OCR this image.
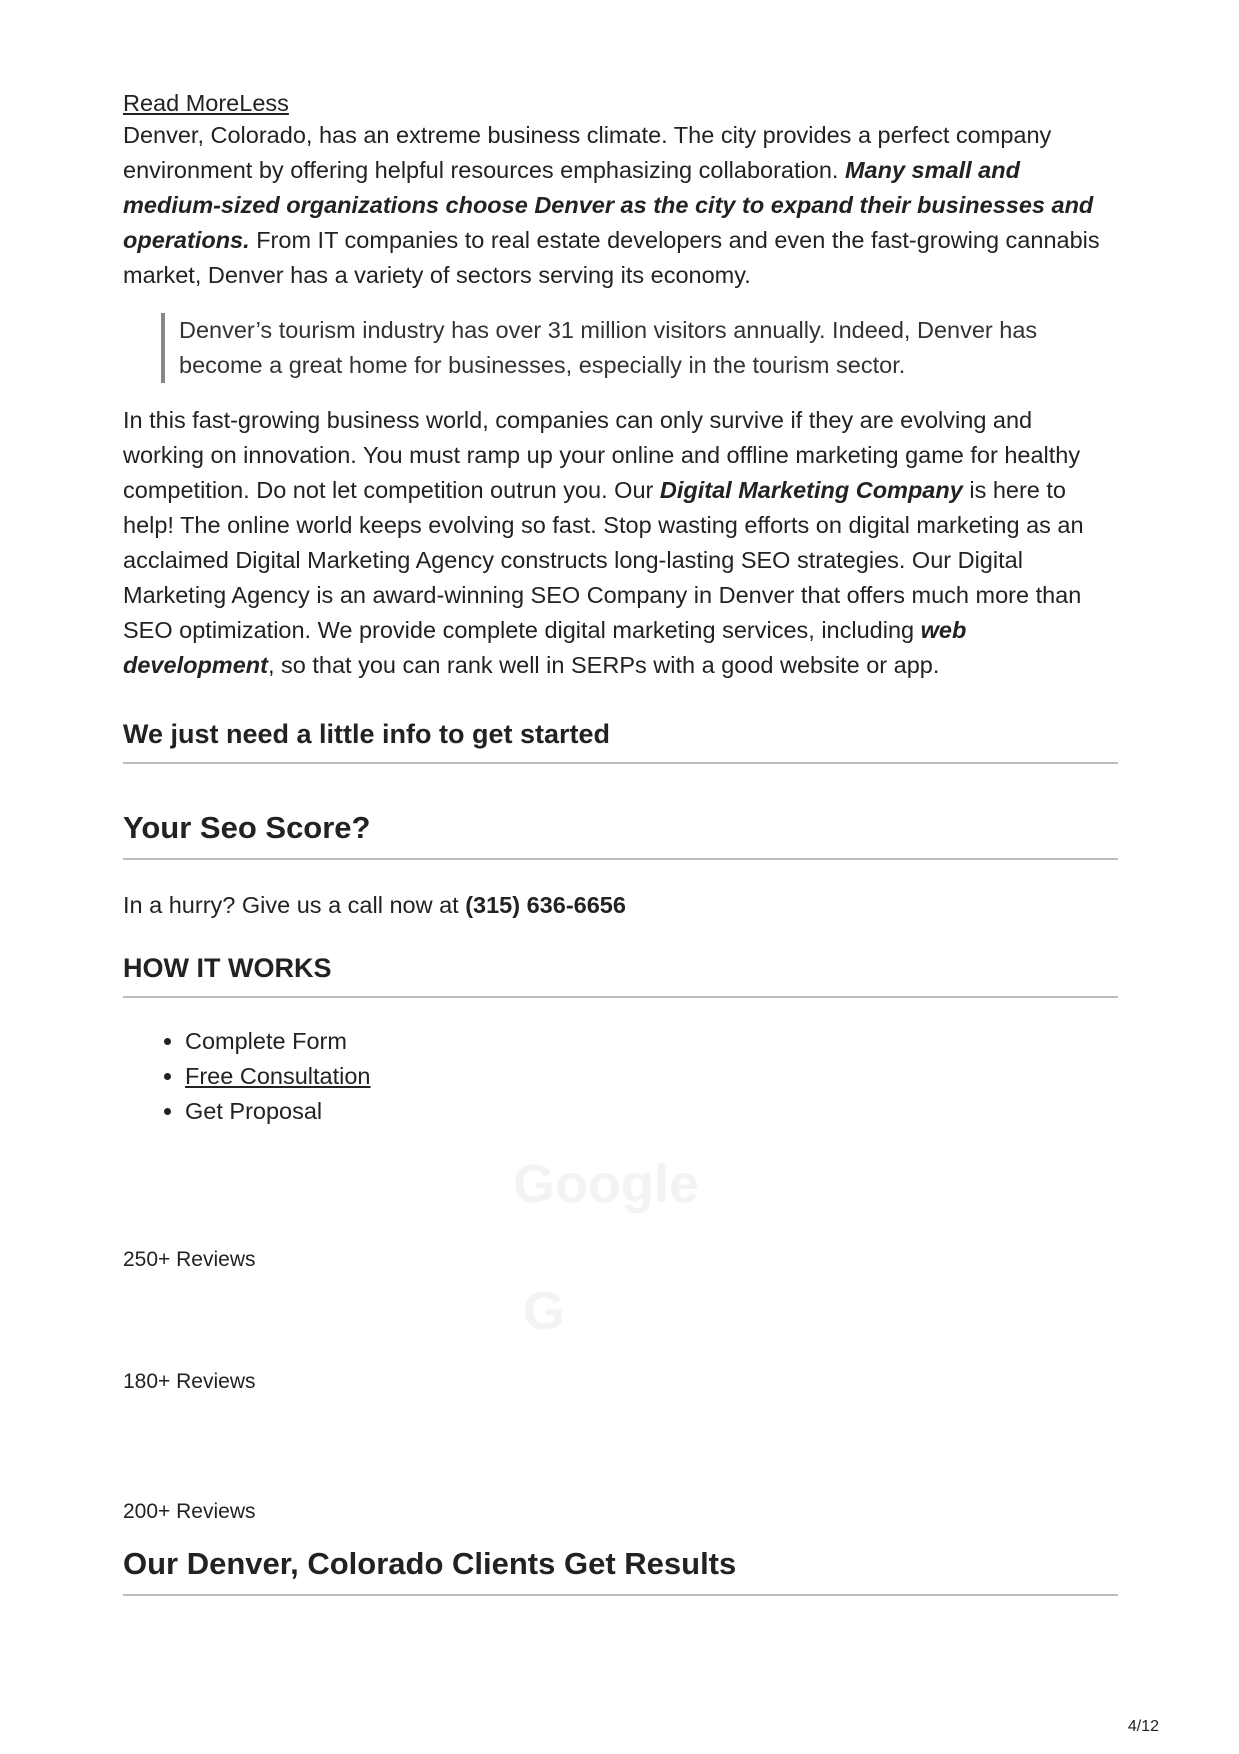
Read MoreLess

Denver, Colorado, has an extreme business climate. The city provides a perfect company environment by offering helpful resources emphasizing collaboration. Many small and medium-sized organizations choose Denver as the city to expand their businesses and operations. From IT companies to real estate developers and even the fast-growing cannabis market, Denver has a variety of sectors serving its economy.

Denver’s tourism industry has over 31 million visitors annually. Indeed, Denver has become a great home for businesses, especially in the tourism sector.

In this fast-growing business world, companies can only survive if they are evolving and working on innovation. You must ramp up your online and offline marketing game for healthy competition. Do not let competition outrun you. Our Digital Marketing Company is here to help! The online world keeps evolving so fast. Stop wasting efforts on digital marketing as an acclaimed Digital Marketing Agency constructs long-lasting SEO strategies. Our Digital Marketing Agency is an award-winning SEO Company in Denver that offers much more than SEO optimization. We provide complete digital marketing services, including web development, so that you can rank well in SERPs with a good website or app.

We just need a little info to get started
Your Seo Score?

In a hurry? Give us a call now at (315) 636-6656

HOW IT WORKS
• Complete Form
• Free Consultation
• Get Proposal
Google
250+ Reviews
G
180+ Reviews
200+ Reviews
Our Denver, Colorado Clients Get Results
4/12
